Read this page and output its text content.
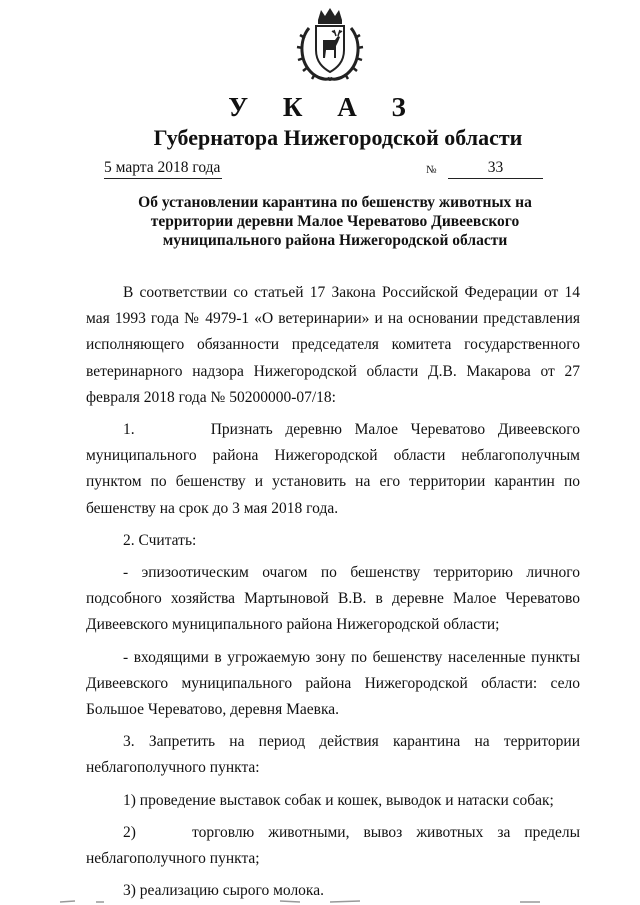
У К А З
Губернатора Нижегородской области
5 марта 2018 года	№	33
Об установлении карантина по бешенству животных на
территории деревни Малое Череватово Дивеевского
муниципального района Нижегородской области

В соответствии со статьей 17 Закона Российской Федерации от 14 мая 1993 года № 4979-1 «О ветеринарии» и на основании представления исполняющего обязанности председателя комитета государственного ветеринарного надзора Нижегородской области Д.В. Макарова от 27 февраля 2018 года № 50200000-07/18:

1.      Признать деревню Малое Череватово Дивеевского муниципального района Нижегородской области неблагополучным пунктом по бешенству и установить на его территории карантин по бешенству на срок до 3 мая 2018 года.

2. Считать:

- эпизоотическим очагом по бешенству территорию личного подсобного хозяйства Мартыновой В.В. в деревне Малое Череватово Дивеевского муниципального района Нижегородской области;

- входящими в угрожаемую зону по бешенству населенные пункты Дивеевского муниципального района Нижегородской области: село Большое Череватово, деревня Маевка.

3. Запретить на период действия карантина на территории неблагополучного пункта:

1) проведение выставок собак и кошек, выводок и натаски собак;

2)    торговлю животными, вывоз животных за пределы неблагополучного пункта;

3) реализацию сырого молока.
